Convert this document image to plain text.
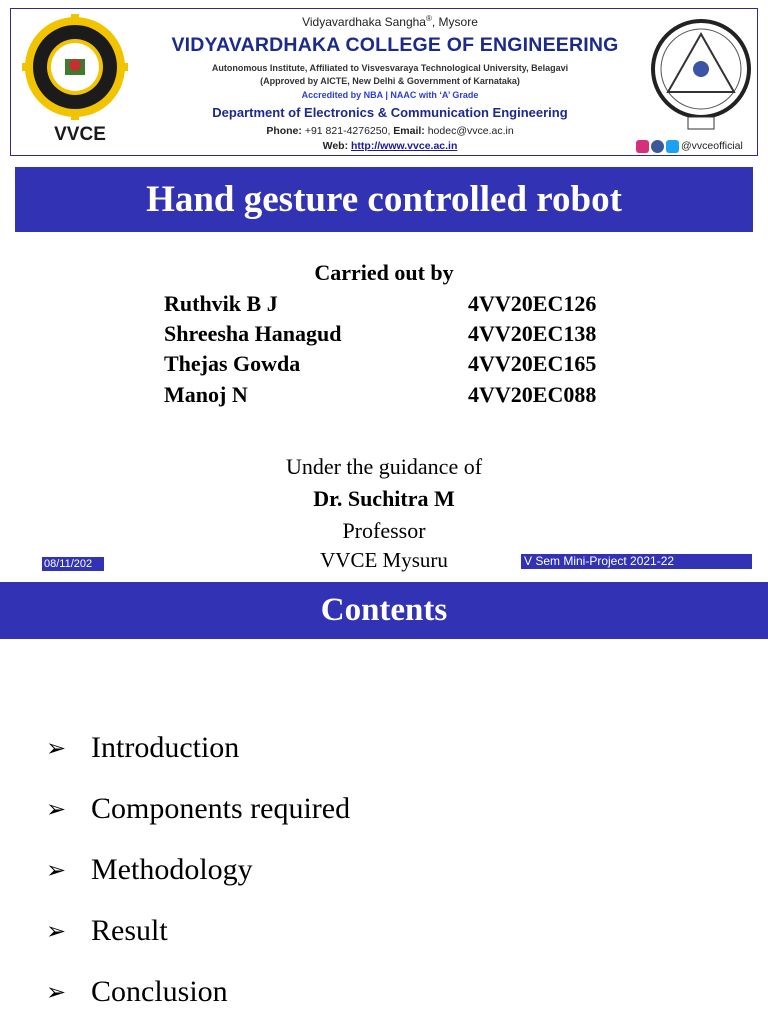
VVCE
Vidyavardhaka Sangha®, Mysore
VIDYAVARDHAKA COLLEGE OF ENGINEERING
Autonomous Institute, Affiliated to Visvesvaraya Technological University, Belagavi
(Approved by AICTE, New Delhi & Government of Karnataka)
Accredited by NBA | NAAC with ‘A’ Grade
Department of Electronics & Communication Engineering
Phone: +91 821-4276250, Email: hodec@vvce.ac.in
Web: http://www.vvce.ac.in	@vvceofficial
Hand gesture controlled robot
Carried out by
Ruthvik B J	4VV20EC126
Shreesha Hanagud	4VV20EC138
Thejas Gowda	4VV20EC165
Manoj N	4VV20EC088
Under the guidance of
Dr. Suchitra M
Professor
VVCE Mysuru
08/11/202	V Sem Mini-Project 2021-22
Contents
➢ Introduction
➢ Components required
➢ Methodology
➢ Result
➢ Conclusion
